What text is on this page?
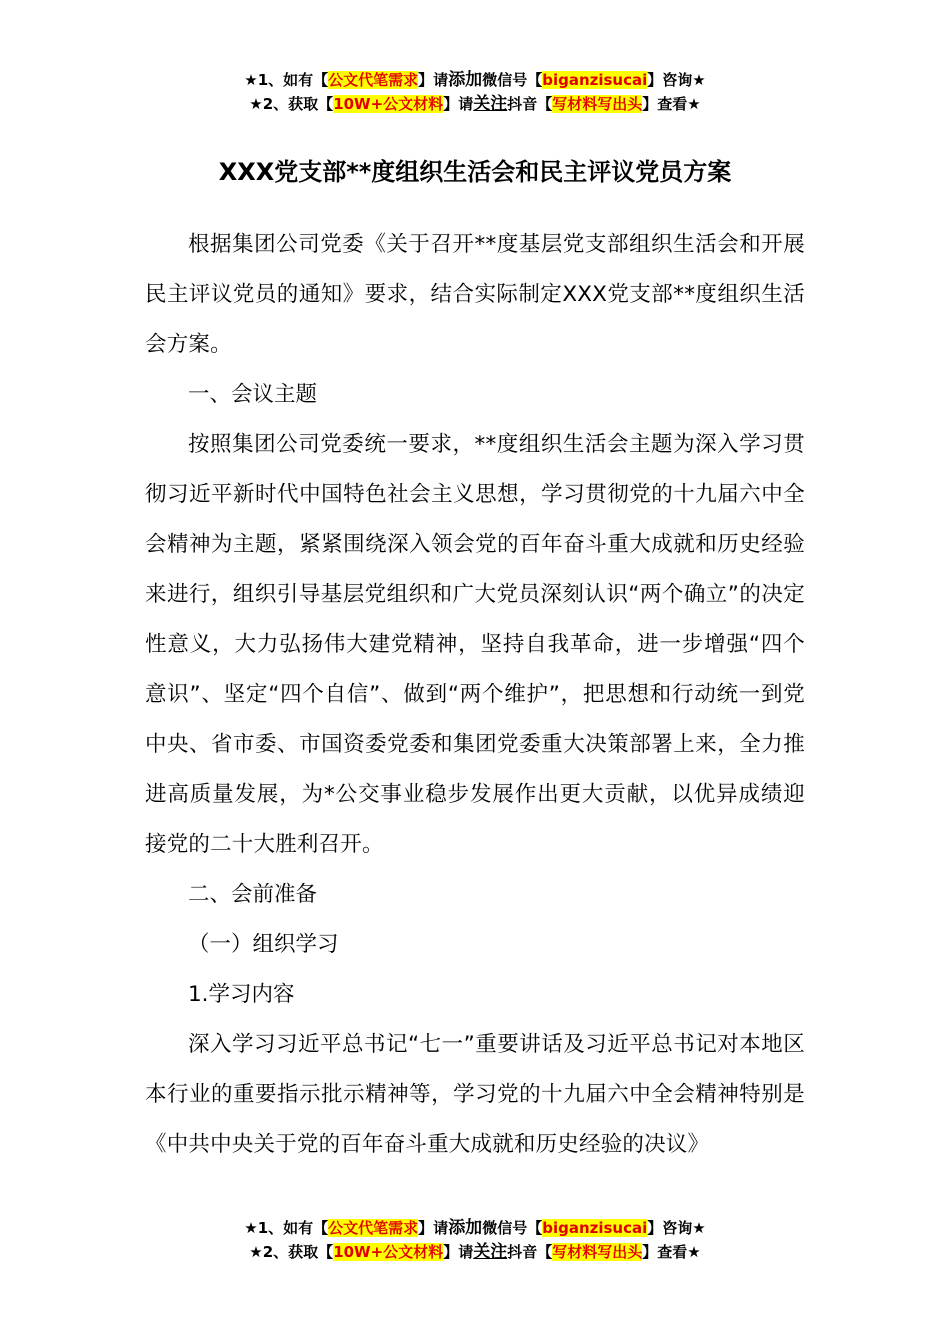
★1、如有【公文代笔需求】请添加微信号【biganzisucai】咨询★
★2、获取【10W+公文材料】请关注抖音【写材料写出头】查看★
XXX党支部**度组织生活会和民主评议党员方案

根据集团公司党委《关于召开**度基层党支部组织生活会和开展民主评议党员的通知》要求，结合实际制定XXX党支部**度组织生活会方案。

一、会议主题

按照集团公司党委统一要求，**度组织生活会主题为深入学习贯彻习近平新时代中国特色社会主义思想，学习贯彻党的十九届六中全会精神为主题，紧紧围绕深入领会党的百年奋斗重大成就和历史经验来进行，组织引导基层党组织和广大党员深刻认识“两个确立”的决定性意义，大力弘扬伟大建党精神，坚持自我革命，进一步增强“四个意识”、坚定“四个自信”、做到“两个维护”，把思想和行动统一到党中央、省市委、市国资委党委和集团党委重大决策部署上来，全力推进高质量发展，为*公交事业稳步发展作出更大贡献，以优异成绩迎接党的二十大胜利召开。

二、会前准备

（一）组织学习

1.学习内容

深入学习习近平总书记“七一”重要讲话及习近平总书记对本地区本行业的重要指示批示精神等，学习党的十九届六中全会精神特别是《中共中央关于党的百年奋斗重大成就和历史经验的决议》

★1、如有【公文代笔需求】请添加微信号【biganzisucai】咨询★
★2、获取【10W+公文材料】请关注抖音【写材料写出头】查看★
